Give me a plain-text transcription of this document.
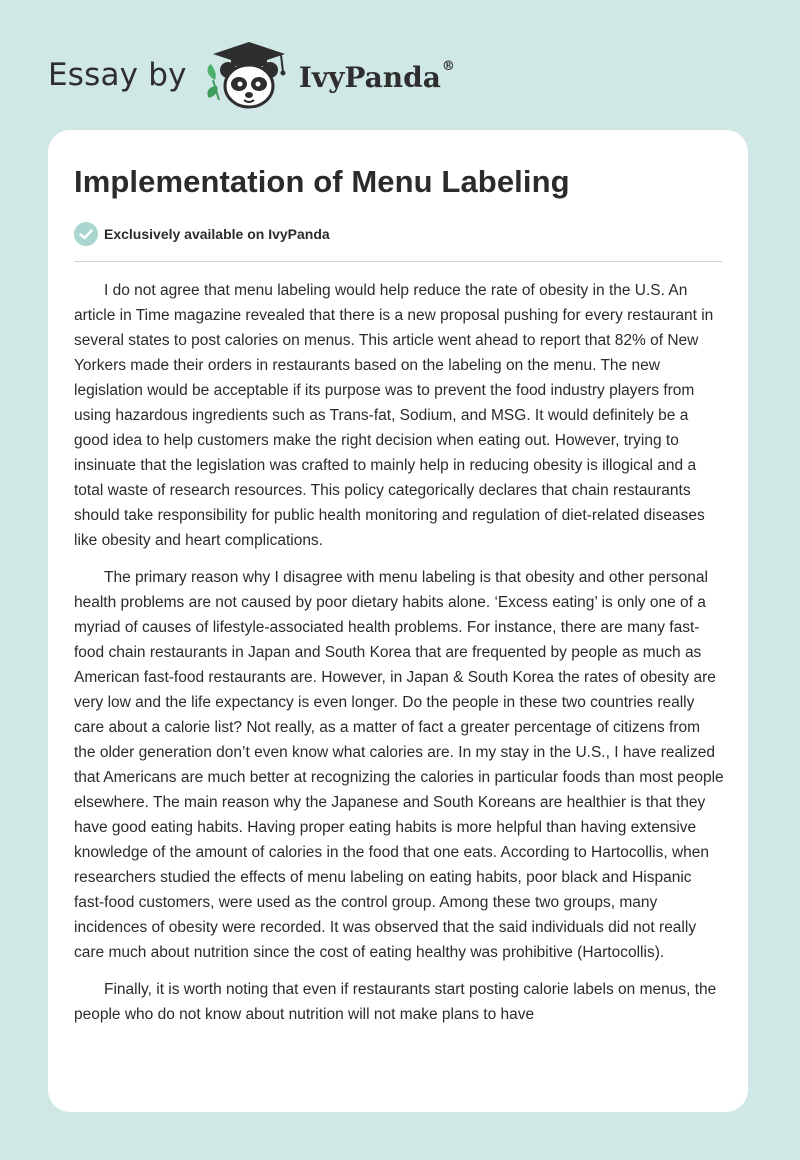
Essay by	IvyPanda®
Implementation of Menu Labeling
Exclusively available on IvyPanda

I do not agree that menu labeling would help reduce the rate of obesity in the U.S. An article in Time magazine revealed that there is a new proposal pushing for every restaurant in several states to post calories on menus. This article went ahead to report that 82% of New Yorkers made their orders in restaurants based on the labeling on the menu. The new legislation would be acceptable if its purpose was to prevent the food industry players from using hazardous ingredients such as Trans-fat, Sodium, and MSG. It would definitely be a good idea to help customers make the right decision when eating out. However, trying to insinuate that the legislation was crafted to mainly help in reducing obesity is illogical and a total waste of research resources. This policy categorically declares that chain restaurants should take responsibility for public health monitoring and regulation of diet-related diseases like obesity and heart complications.

The primary reason why I disagree with menu labeling is that obesity and other personal health problems are not caused by poor dietary habits alone. ‘Excess eating’ is only one of a myriad of causes of lifestyle-associated health problems. For instance, there are many fast-food chain restaurants in Japan and South Korea that are frequented by people as much as American fast-food restaurants are. However, in Japan & South Korea the rates of obesity are very low and the life expectancy is even longer. Do the people in these two countries really care about a calorie list? Not really, as a matter of fact a greater percentage of citizens from the older generation don’t even know what calories are. In my stay in the U.S., I have realized that Americans are much better at recognizing the calories in particular foods than most people elsewhere. The main reason why the Japanese and South Koreans are healthier is that they have good eating habits. Having proper eating habits is more helpful than having extensive knowledge of the amount of calories in the food that one eats. According to Hartocollis, when researchers studied the effects of menu labeling on eating habits, poor black and Hispanic fast-food customers, were used as the control group. Among these two groups, many incidences of obesity were recorded. It was observed that the said individuals did not really care much about nutrition since the cost of eating healthy was prohibitive (Hartocollis).

Finally, it is worth noting that even if restaurants start posting calorie labels on menus, the people who do not know about nutrition will not make plans to have
